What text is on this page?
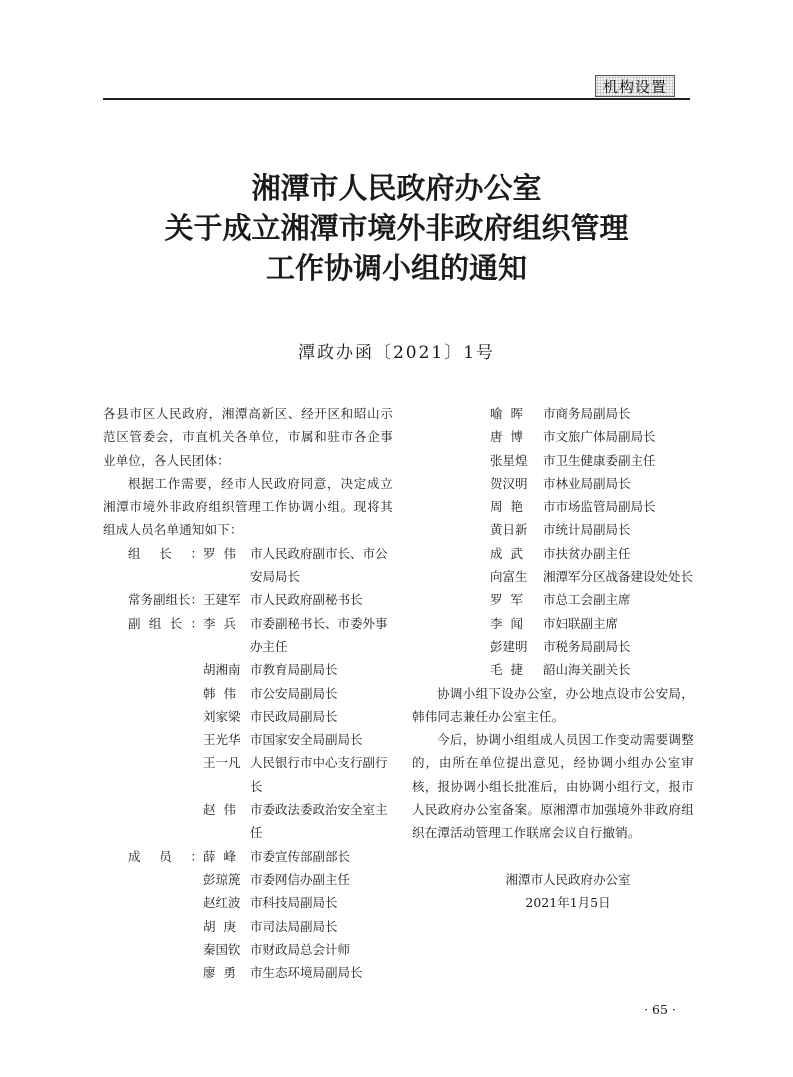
机构设置
湘潭市人民政府办公室
关于成立湘潭市境外非政府组织管理
工作协调小组的通知

潭政办函〔2021〕1号

各县市区人民政府，湘潭高新区、经开区和昭山示范区管委会，市直机关各单位，市属和驻市各企事业单位，各人民团体：

根据工作需要，经市人民政府同意，决定成立湘潭市境外非政府组织管理工作协调小组。现将其组成人员名单通知如下：

组 长 ： 罗  伟	市人民政府副市长、市公安局局长
常务副组长： 王建军 市人民政府副秘书长
副 组 长 ： 李  兵	市委副秘书长、市委外事办主任
胡湘南 市教育局副局长
韩  伟	市公安局副局长
刘家梁 市民政局副局长
王光华 市国家安全局副局长
王一凡 人民银行市中心支行副行长
赵  伟	市委政法委政治安全室主任
成 员 ： 薛  峰	市委宣传部副部长
彭琼箎 市委网信办副主任
赵红波 市科技局副局长
胡  庚	市司法局副局长
秦国钦 市财政局总会计师
廖  勇	市生态环境局副局长
喻  晖	市商务局副局长
唐  博	市文旅广体局副局长
张星煌	市卫生健康委副主任
贺汉明	市林业局副局长
周  艳	市市场监管局副局长
黄日新	市统计局副局长
成  武	市扶贫办副主任
向富生	湘潭军分区战备建设处处长
罗  军	市总工会副主席
李  闻	市妇联副主席
彭建明	市税务局副局长
毛  捷	韶山海关副关长

协调小组下设办公室，办公地点设市公安局，韩伟同志兼任办公室主任。

今后，协调小组组成人员因工作变动需要调整的，由所在单位提出意见，经协调小组办公室审核，报协调小组长批准后，由协调小组行文，报市人民政府办公室备案。原湘潭市加强境外非政府组织在潭活动管理工作联席会议自行撤销。

湘潭市人民政府办公室

2021年1月5日

· 65 ·
